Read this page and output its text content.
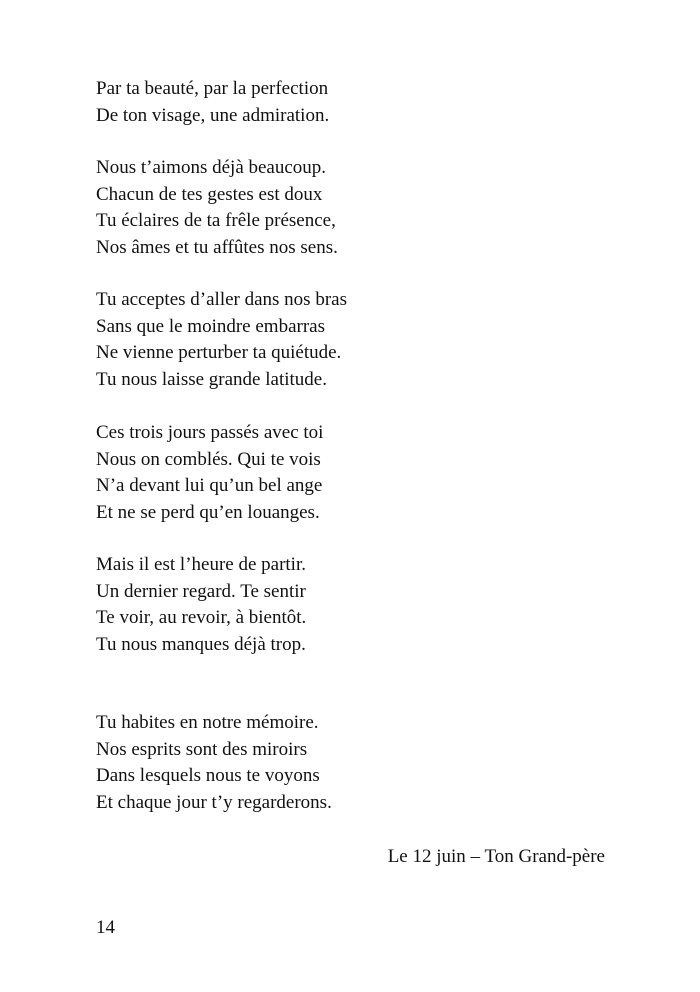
Par ta beauté, par la perfection
De ton visage, une admiration.
Nous t’aimons déjà beaucoup.
Chacun de tes gestes est doux
Tu éclaires de ta frêle présence,
Nos âmes et tu affûtes nos sens.
Tu acceptes d’aller dans nos bras
Sans que le moindre embarras
Ne vienne perturber ta quiétude.
Tu nous laisse grande latitude.
Ces trois jours passés avec toi
Nous on comblés. Qui te vois
N’a devant lui qu’un bel ange
Et ne se perd qu’en louanges.
Mais il est l’heure de partir.
Un dernier regard. Te sentir
Te voir, au revoir, à bientôt.
Tu nous manques déjà trop.
Tu habites en notre mémoire.
Nos esprits sont des miroirs
Dans lesquels nous te voyons
Et chaque jour t’y regarderons.
Le 12 juin – Ton Grand-père
14
